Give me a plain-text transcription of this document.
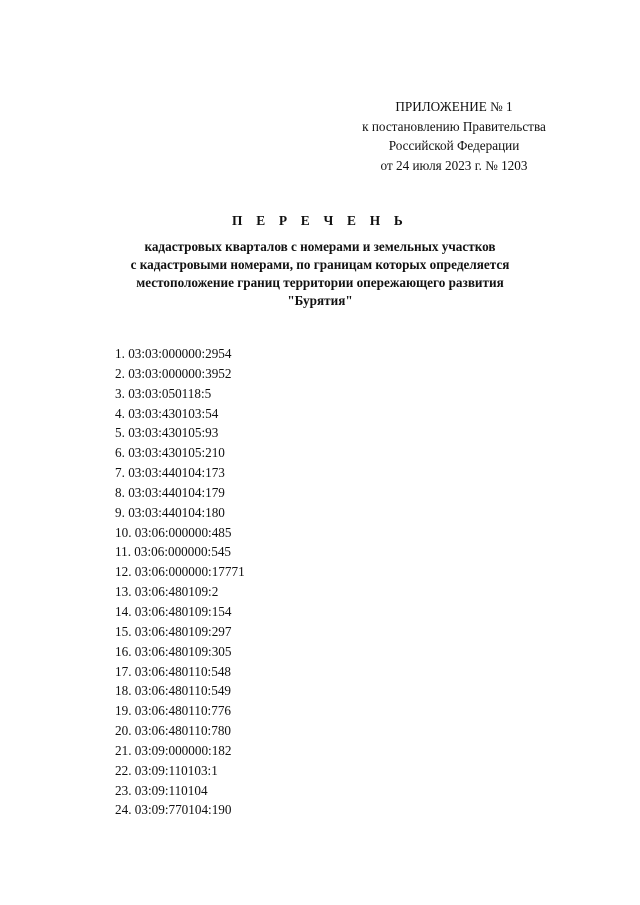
ПРИЛОЖЕНИЕ № 1
к постановлению Правительства
Российской Федерации
от 24 июля 2023 г. № 1203
П Е Р Е Ч Е Н Ь
кадастровых кварталов с номерами и земельных участков
с кадастровыми номерами, по границам которых определяется
местоположение границ территории опережающего развития
"Бурятия"
1. 03:03:000000:2954
2. 03:03:000000:3952
3. 03:03:050118:5
4. 03:03:430103:54
5. 03:03:430105:93
6. 03:03:430105:210
7. 03:03:440104:173
8. 03:03:440104:179
9. 03:03:440104:180
10. 03:06:000000:485
11. 03:06:000000:545
12. 03:06:000000:17771
13. 03:06:480109:2
14. 03:06:480109:154
15. 03:06:480109:297
16. 03:06:480109:305
17. 03:06:480110:548
18. 03:06:480110:549
19. 03:06:480110:776
20. 03:06:480110:780
21. 03:09:000000:182
22. 03:09:110103:1
23. 03:09:110104
24. 03:09:770104:190
